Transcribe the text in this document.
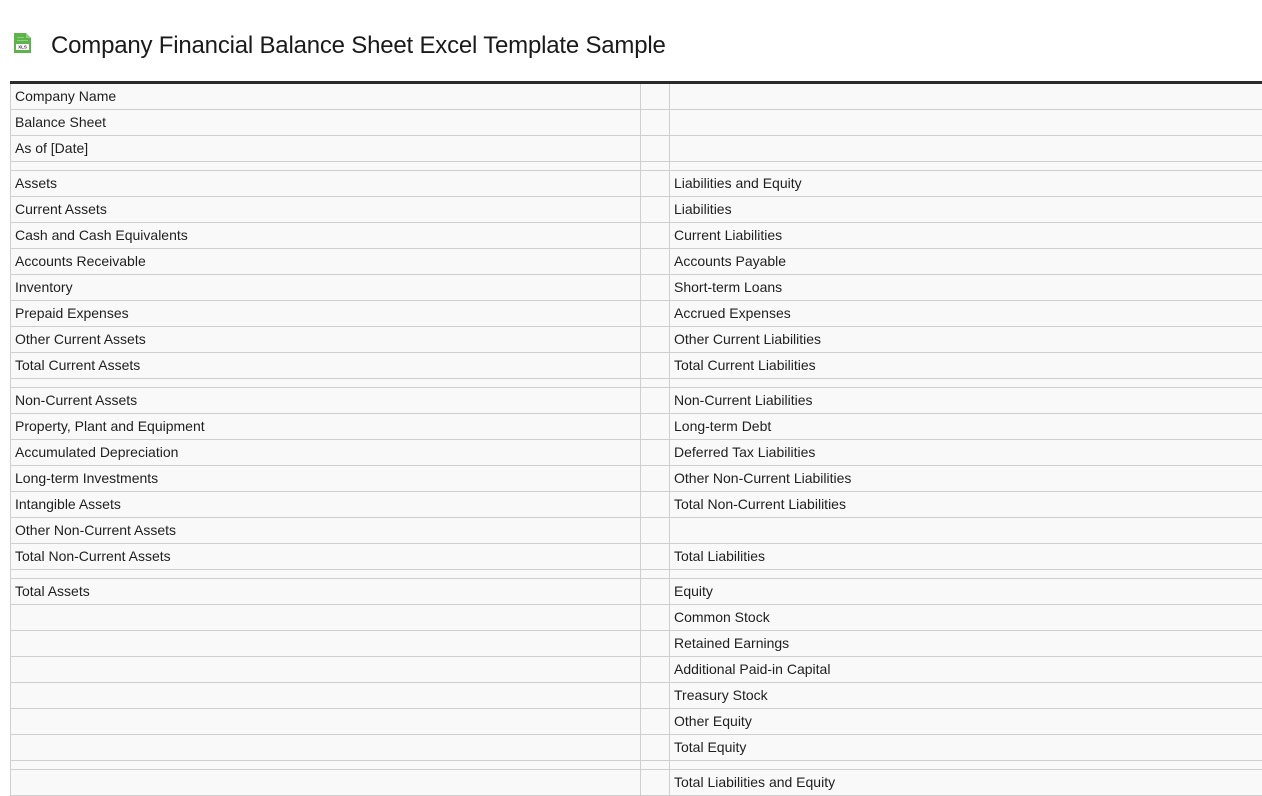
XLS Company Financial Balance Sheet Excel Template Sample
Company Name		
Balance Sheet		
As of [Date]		

Assets		Liabilities and Equity
Current Assets		Liabilities
Cash and Cash Equivalents		Current Liabilities
Accounts Receivable		Accounts Payable
Inventory		Short-term Loans
Prepaid Expenses		Accrued Expenses
Other Current Assets		Other Current Liabilities
Total Current Assets		Total Current Liabilities

Non-Current Assets		Non-Current Liabilities
Property, Plant and Equipment		Long-term Debt
Accumulated Depreciation		Deferred Tax Liabilities
Long-term Investments		Other Non-Current Liabilities
Intangible Assets		Total Non-Current Liabilities
Other Non-Current Assets		
Total Non-Current Assets		Total Liabilities

Total Assets		Equity
		Common Stock
		Retained Earnings
		Additional Paid-in Capital
		Treasury Stock
		Other Equity
		Total Equity

		Total Liabilities and Equity
